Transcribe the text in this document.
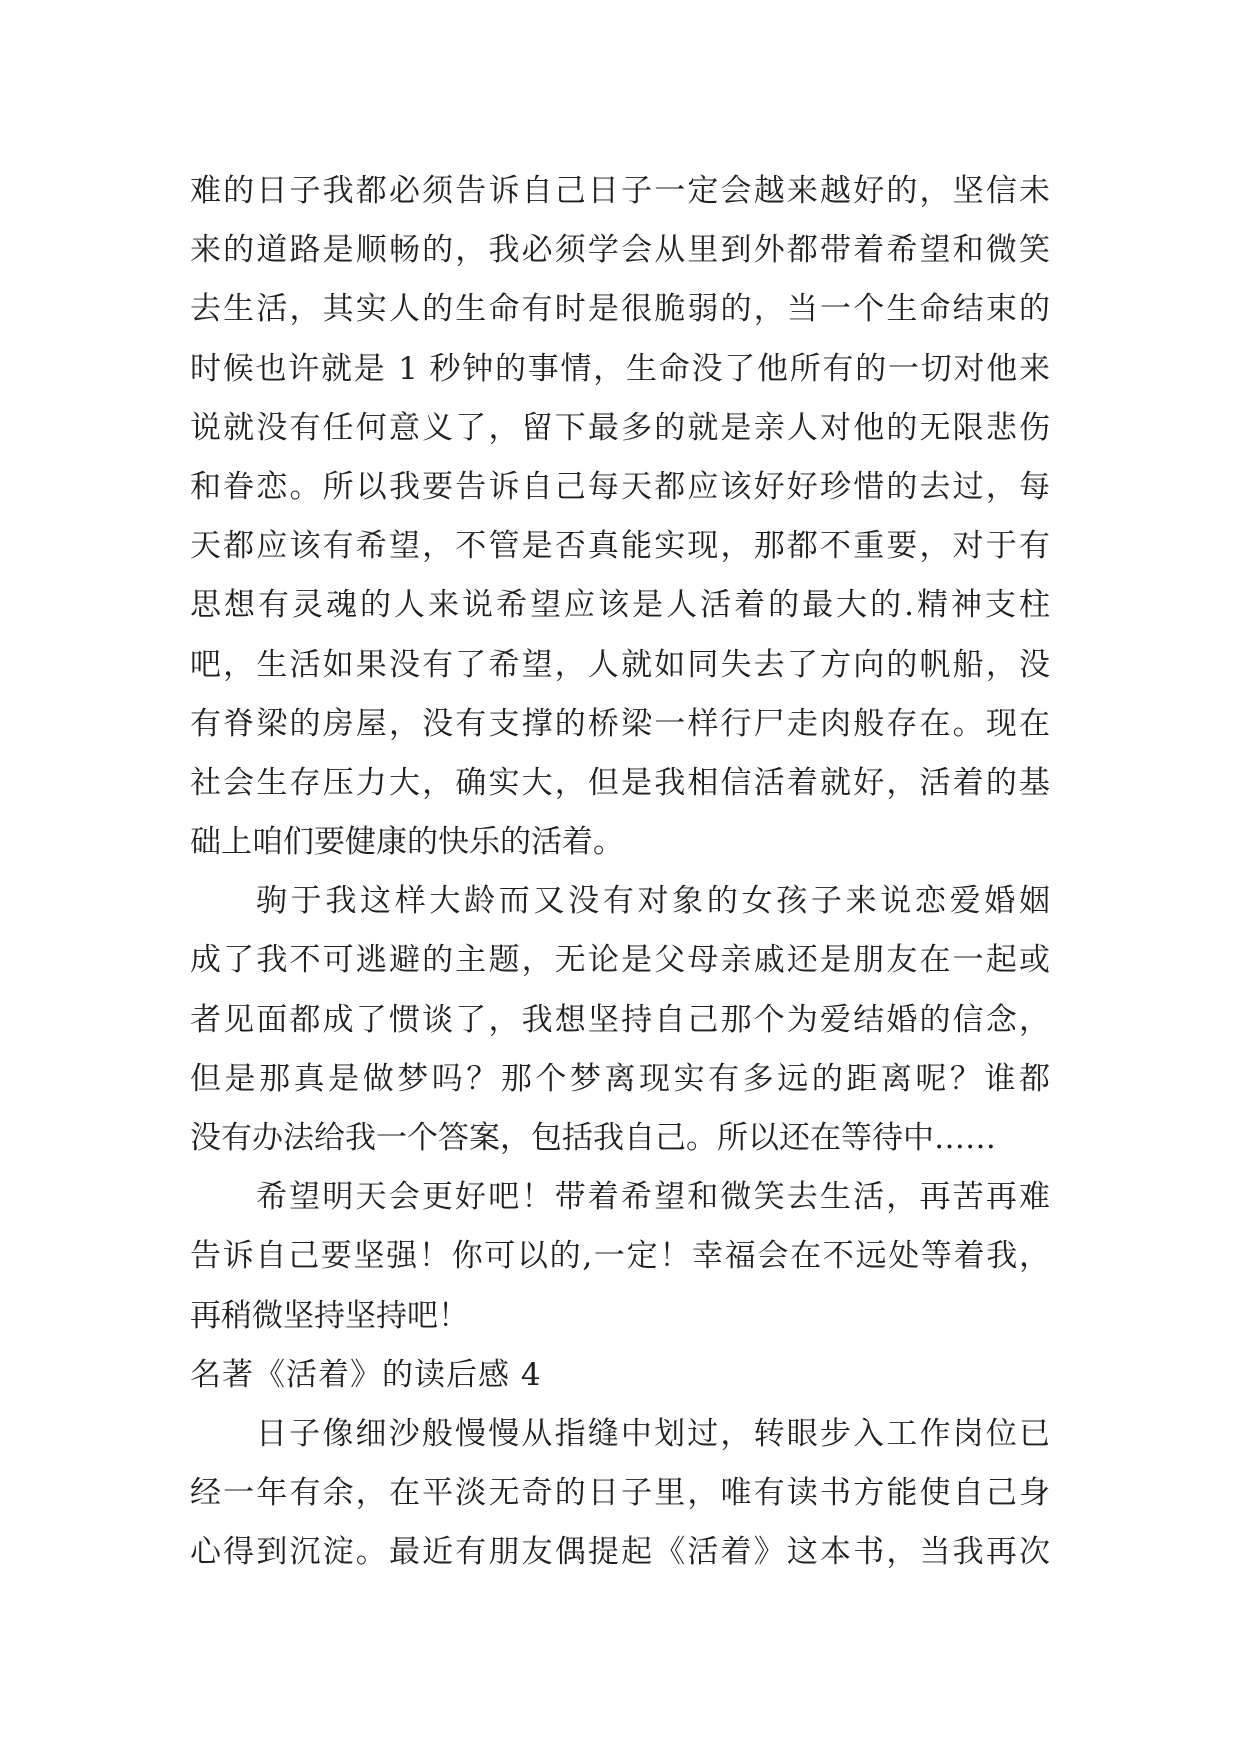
难的日子我都必须告诉自己日子一定会越来越好的，坚信未
来的道路是顺畅的，我必须学会从里到外都带着希望和微笑
去生活，其实人的生命有时是很脆弱的，当一个生命结束的
时候也许就是 1 秒钟的事情，生命没了他所有的一切对他来
说就没有任何意义了，留下最多的就是亲人对他的无限悲伤
和眷恋。所以我要告诉自己每天都应该好好珍惜的去过，每
天都应该有希望，不管是否真能实现，那都不重要，对于有
思想有灵魂的人来说希望应该是人活着的最大的.精神支柱
吧，生活如果没有了希望，人就如同失去了方向的帆船，没
有脊梁的房屋，没有支撑的桥梁一样行尸走肉般存在。现在
社会生存压力大，确实大，但是我相信活着就好，活着的基
础上咱们要健康的快乐的活着。
驹于我这样大龄而又没有对象的女孩子来说恋爱婚姻
成了我不可逃避的主题，无论是父母亲戚还是朋友在一起或
者见面都成了惯谈了，我想坚持自己那个为爱结婚的信念，
但是那真是做梦吗？那个梦离现实有多远的距离呢？谁都
没有办法给我一个答案，包括我自己。所以还在等待中……
希望明天会更好吧！带着希望和微笑去生活，再苦再难
告诉自己要坚强！你可以的,一定！幸福会在不远处等着我，
再稍微坚持坚持吧！
名著《活着》的读后感 4
日子像细沙般慢慢从指缝中划过，转眼步入工作岗位已
经一年有余，在平淡无奇的日子里，唯有读书方能使自己身
心得到沉淀。最近有朋友偶提起《活着》这本书，当我再次
